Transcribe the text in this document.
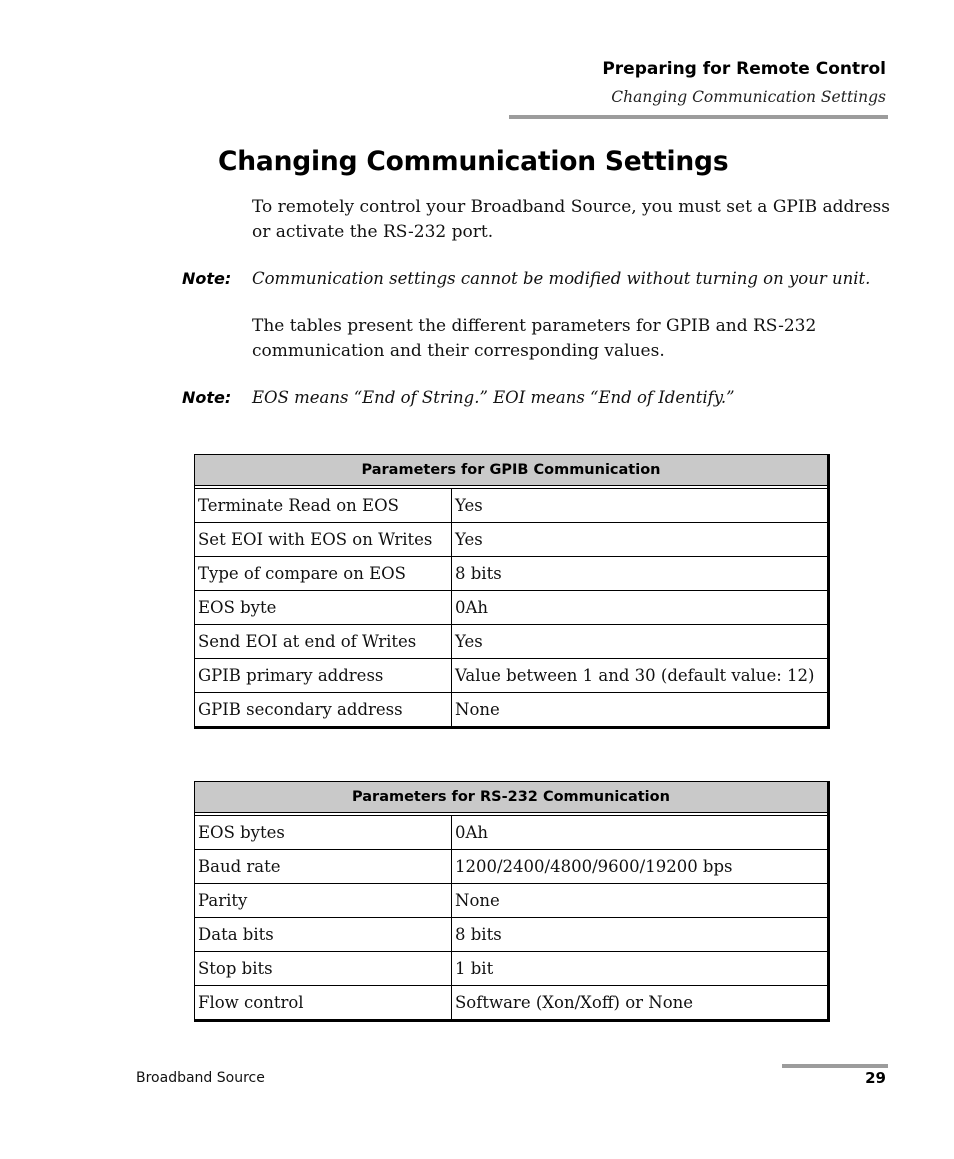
Preparing for Remote Control
Changing Communication Settings
Changing Communication Settings

To remotely control your Broadband Source, you must set a GPIB address or activate the RS-232 port.

Note: Communication settings cannot be modified without turning on your unit.

The tables present the different parameters for GPIB and RS-232 communication and their corresponding values.

Note: EOS means “End of String.” EOI means “End of Identify.”
Parameters for GPIB Communication	

Terminate Read on EOS	Yes
Set EOI with EOS on Writes	Yes
Type of compare on EOS	8 bits
EOS byte	0Ah
Send EOI at end of Writes	Yes
GPIB primary address	Value between 1 and 30 (default value: 12)
GPIB secondary address	None
Parameters for RS-232 Communication	

EOS bytes	0Ah
Baud rate	1200/2400/4800/9600/19200 bps
Parity	None
Data bits	8 bits
Stop bits	1 bit
Flow control	Software (Xon/Xoff) or None
Broadband Source	29
